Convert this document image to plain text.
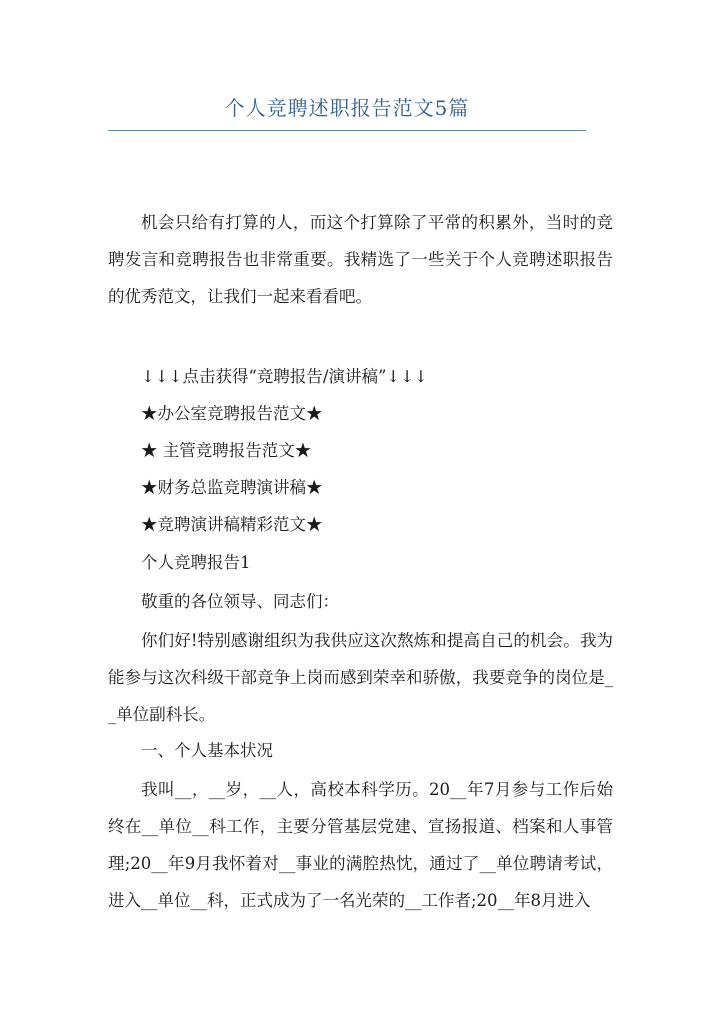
个人竞聘述职报告范文5篇

机会只给有打算的人，而这个打算除了平常的积累外，当时的竞聘发言和竞聘报告也非常重要。我精选了一些关于个人竞聘述职报告的优秀范文，让我们一起来看看吧。

↓↓↓点击获得“竞聘报告/演讲稿”↓↓↓

★办公室竞聘报告范文★

★ 主管竞聘报告范文★

★财务总监竞聘演讲稿★

★竞聘演讲稿精彩范文★

个人竞聘报告1

敬重的各位领导、同志们：

你们好!特别感谢组织为我供应这次熬炼和提高自己的机会。我为能参与这次科级干部竞争上岗而感到荣幸和骄傲，我要竞争的岗位是__单位副科长。

一、个人基本状况

我叫__，__岁，__人，高校本科学历。20__年7月参与工作后始终在__单位__科工作，主要分管基层党建、宣扬报道、档案和人事管理;20__年9月我怀着对__事业的满腔热忱，通过了__单位聘请考试，进入__单位__科，正式成为了一名光荣的__工作者;20__年8月进入
